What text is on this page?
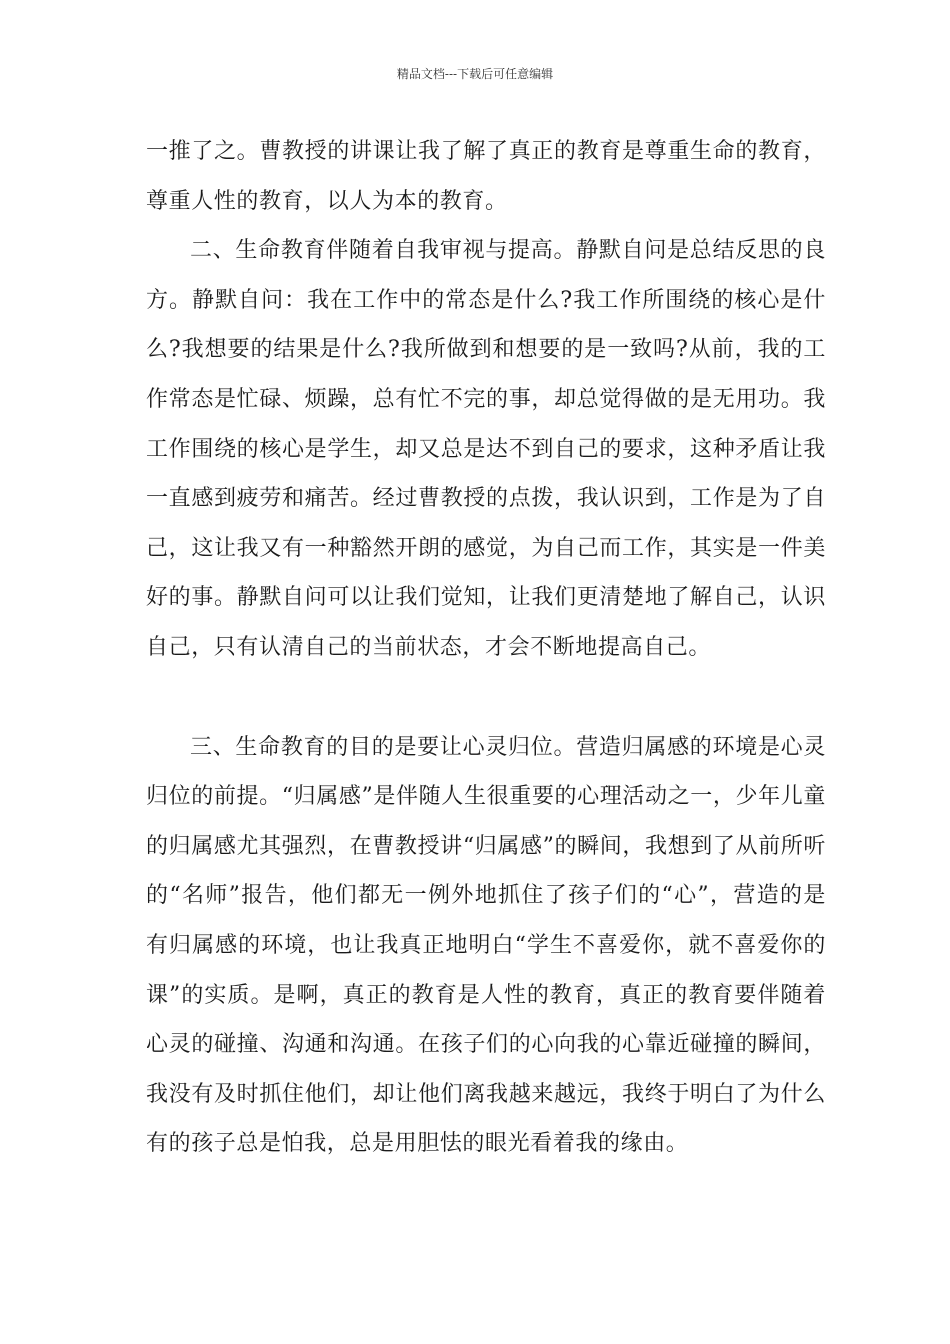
精品文档---下载后可任意编辑

一推了之。曹教授的讲课让我了解了真正的教育是尊重生命的教育，尊重人性的教育，以人为本的教育。

二、生命教育伴随着自我审视与提高。静默自问是总结反思的良方。静默自问：我在工作中的常态是什么?我工作所围绕的核心是什么?我想要的结果是什么?我所做到和想要的是一致吗?从前，我的工作常态是忙碌、烦躁，总有忙不完的事，却总觉得做的是无用功。我工作围绕的核心是学生，却又总是达不到自己的要求，这种矛盾让我一直感到疲劳和痛苦。经过曹教授的点拨，我认识到，工作是为了自己，这让我又有一种豁然开朗的感觉，为自己而工作，其实是一件美好的事。静默自问可以让我们觉知，让我们更清楚地了解自己，认识自己，只有认清自己的当前状态，才会不断地提高自己。

三、生命教育的目的是要让心灵归位。营造归属感的环境是心灵归位的前提。“归属感”是伴随人生很重要的心理活动之一，少年儿童的归属感尤其强烈，在曹教授讲“归属感”的瞬间，我想到了从前所听的“名师”报告，他们都无一例外地抓住了孩子们的“心”，营造的是有归属感的环境，也让我真正地明白“学生不喜爱你，就不喜爱你的课”的实质。是啊，真正的教育是人性的教育，真正的教育要伴随着心灵的碰撞、沟通和沟通。在孩子们的心向我的心靠近碰撞的瞬间，我没有及时抓住他们，却让他们离我越来越远，我终于明白了为什么有的孩子总是怕我，总是用胆怯的眼光看着我的缘由。
